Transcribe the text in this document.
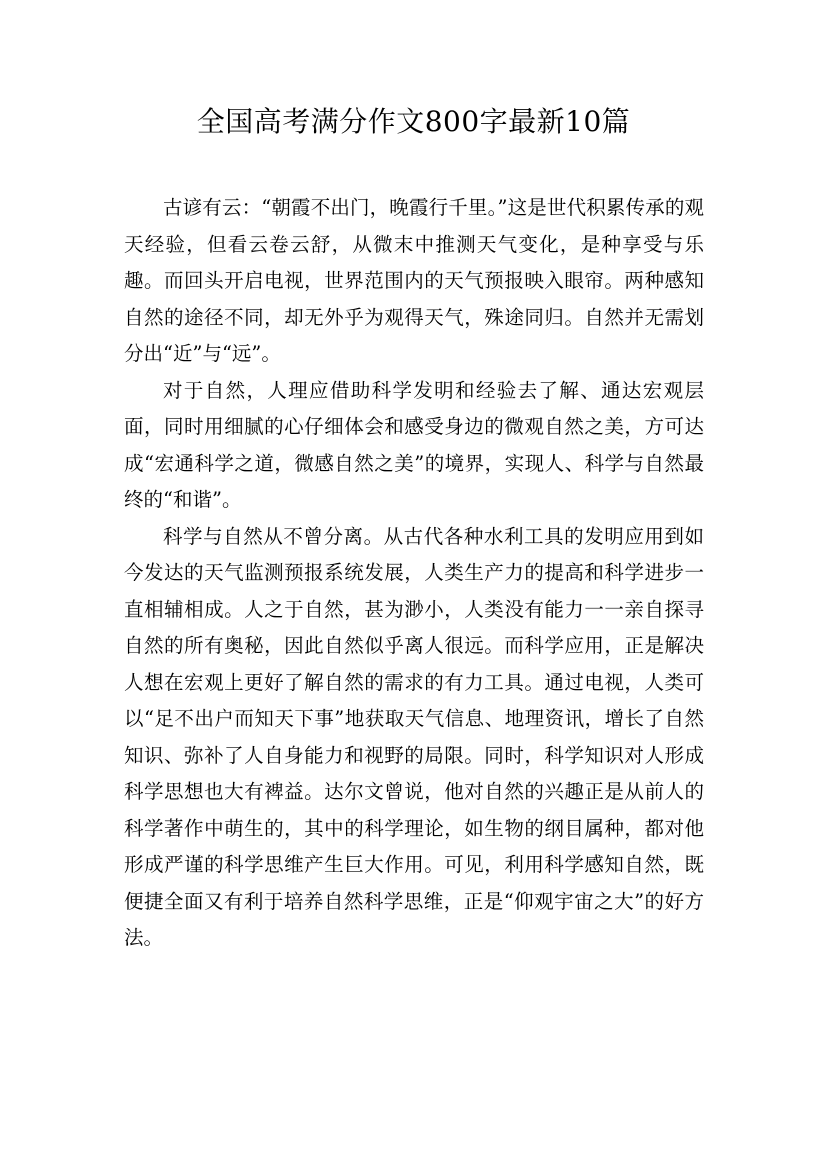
全国高考满分作文800字最新10篇

古谚有云：“朝霞不出门，晚霞行千里。”这是世代积累传承的观天经验，但看云卷云舒，从微末中推测天气变化，是种享受与乐趣。而回头开启电视，世界范围内的天气预报映入眼帘。两种感知自然的途径不同，却无外乎为观得天气，殊途同归。自然并无需划分出“近”与“远”。

对于自然，人理应借助科学发明和经验去了解、通达宏观层面，同时用细腻的心仔细体会和感受身边的微观自然之美，方可达成“宏通科学之道，微感自然之美”的境界，实现人、科学与自然最终的“和谐”。

科学与自然从不曾分离。从古代各种水利工具的发明应用到如今发达的天气监测预报系统发展，人类生产力的提高和科学进步一直相辅相成。人之于自然，甚为渺小，人类没有能力一一亲自探寻自然的所有奥秘，因此自然似乎离人很远。而科学应用，正是解决人想在宏观上更好了解自然的需求的有力工具。通过电视，人类可以“足不出户而知天下事”地获取天气信息、地理资讯，增长了自然知识、弥补了人自身能力和视野的局限。同时，科学知识对人形成科学思想也大有裨益。达尔文曾说，他对自然的兴趣正是从前人的科学著作中萌生的，其中的科学理论，如生物的纲目属种，都对他形成严谨的科学思维产生巨大作用。可见，利用科学感知自然，既便捷全面又有利于培养自然科学思维，正是“仰观宇宙之大”的好方法。
